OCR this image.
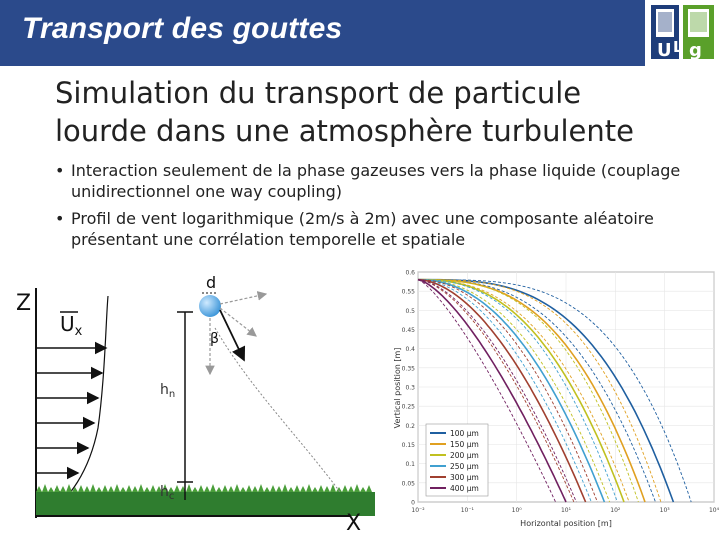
Transport des gouttes
U L g
Simulation du transport de particule
lourde dans une atmosphère turbulente
• Interaction seulement de la phase gazeuses vers la phase liquide (couplage unidirectionnel one way coupling)
• Profil de vent logarithmique (2m/s à 2m) avec une composante aléatoire présentant une corrélation temporelle et spatiale
Z
$U_x$
X
$h_n$
$h_c$
d
β
0
0.05
0.1
0.15
0.2
0.25
0.3
0.35
0.4
0.45
0.5
0.55
0.6
10⁻²	10⁻¹	10⁰	10¹	10²	10³	10⁴
Vertical position [m]
Horizontal position [m]
100 µm
150 µm
200 µm
250 µm
300 µm
400 µm
